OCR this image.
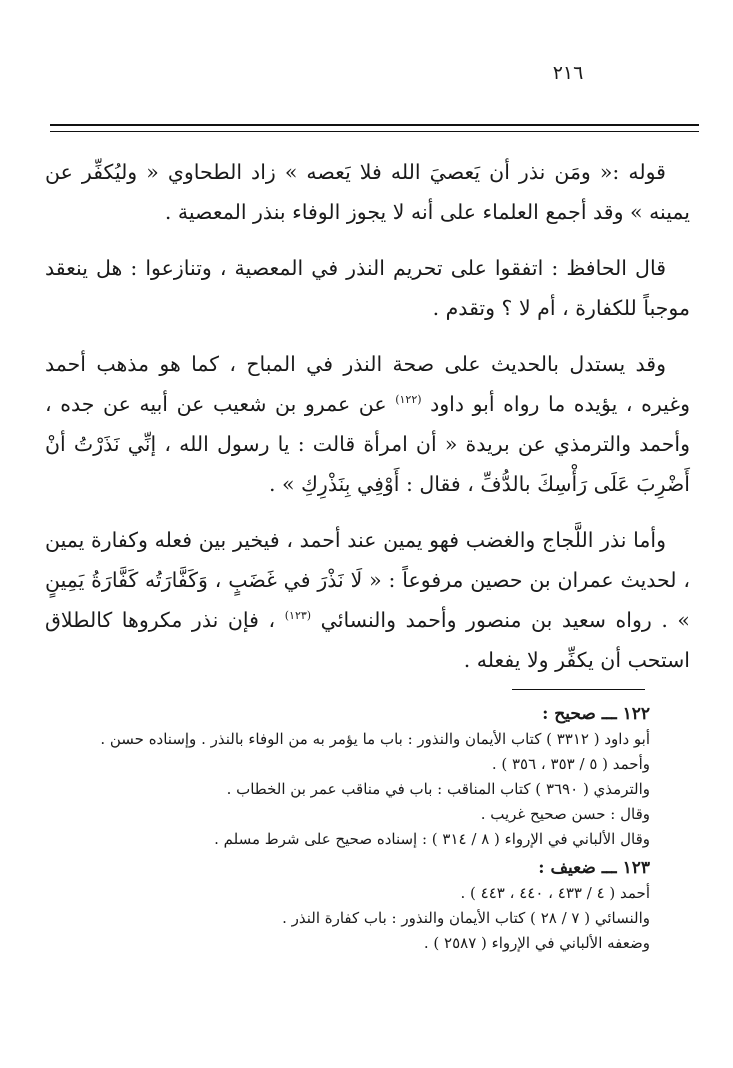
٢١٦

قوله :« ومَن نذر أن يَعصيَ الله فلا يَعصه » زاد الطحاوي « وليُكفِّر عن يمينه » وقد أجمع العلماء على أنه لا يجوز الوفاء بنذر المعصية .

قال الحافظ : اتفقوا على تحريم النذر في المعصية ، وتنازعوا : هل ينعقد موجباً للكفارة ، أم لا ؟ وتقدم .

وقد يستدل بالحديث على صحة النذر في المباح ، كما هو مذهب أحمد وغيره ، يؤيده ما رواه أبو داود $^{(١٢٢)}$ عن عمرو بن شعيب عن أبيه عن جده ، وأحمد والترمذي عن بريدة « أن امرأة قالت : يا رسول الله ، إنِّي نَذَرْتُ أنْ أَضْرِبَ عَلَى رَأْسِكَ بالدُّفِّ ، فقال : أَوْفِي بِنَذْرِكِ » .

وأما نذر اللَّجاج والغضب فهو يمين عند أحمد ، فيخير بين فعله وكفارة يمين ، لحديث عمران بن حصين مرفوعاً : « لَا نَذْرَ في غَضَبٍ ، وَكَفَّارَتُه كَفَّارَةُ يَمِينٍ » . رواه سعيد بن منصور وأحمد والنسائي $^{(١٢٣)}$ ، فإن نذر مكروها كالطلاق استحب أن يكفِّر ولا يفعله .

١٢٢ ـــ صحيح :
أبو داود ( ٣٣١٢ ) كتاب الأيمان والنذور : باب ما يؤمر به من الوفاء بالنذر . وإسناده حسن .
وأحمد ( ٥ / ٣٥٣ ، ٣٥٦ ) .
والترمذي ( ٣٦٩٠ ) كتاب المناقب : باب في مناقب عمر بن الخطاب .
وقال : حسن صحيح غريب .
وقال الألباني في الإرواء ( ٨ / ٣١٤ ) : إسناده صحيح على شرط مسلم .
١٢٣ ـــ ضعيف :
أحمد ( ٤ / ٤٣٣ ، ٤٤٠ ، ٤٤٣ ) .
والنسائي ( ٧ / ٢٨ ) كتاب الأيمان والنذور : باب كفارة النذر .
وضعفه الألباني في الإرواء ( ٢٥٨٧ ) .
